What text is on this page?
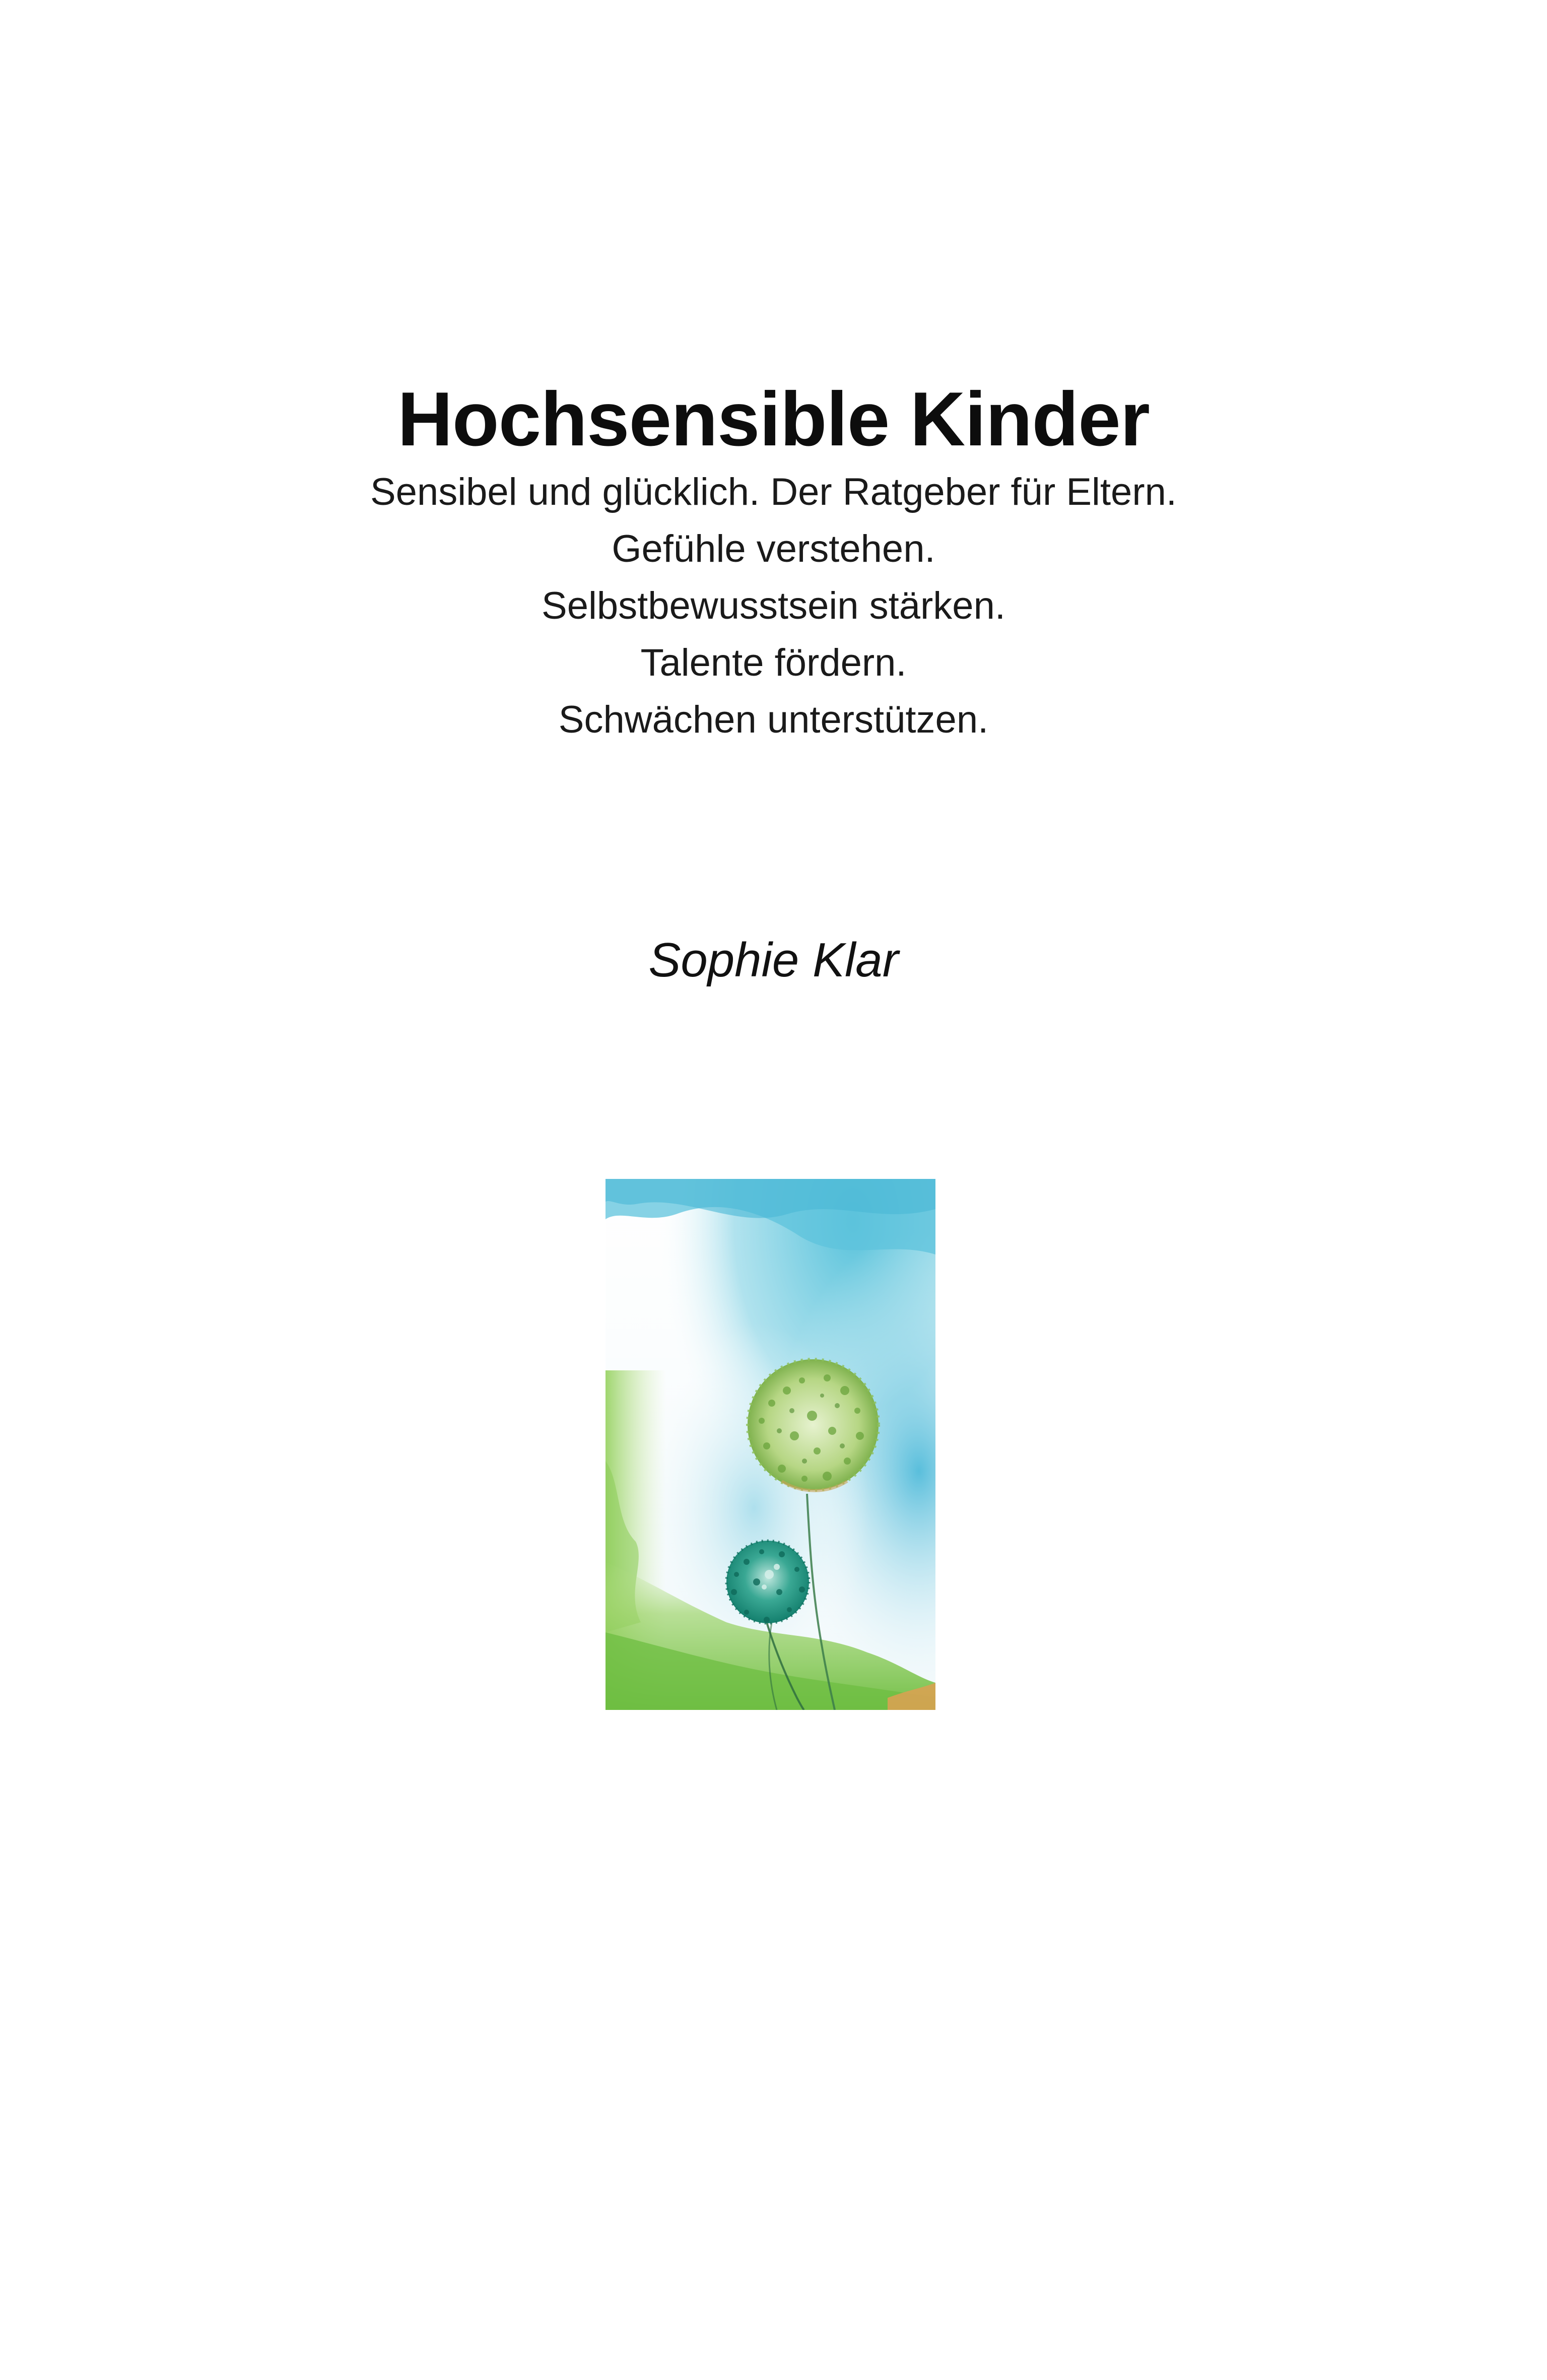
Hochsensible Kinder
Sensibel und glücklich. Der Ratgeber für Eltern.
Gefühle verstehen.
Selbstbewusstsein stärken.
Talente fördern.
Schwächen unterstützen.
Sophie Klar
